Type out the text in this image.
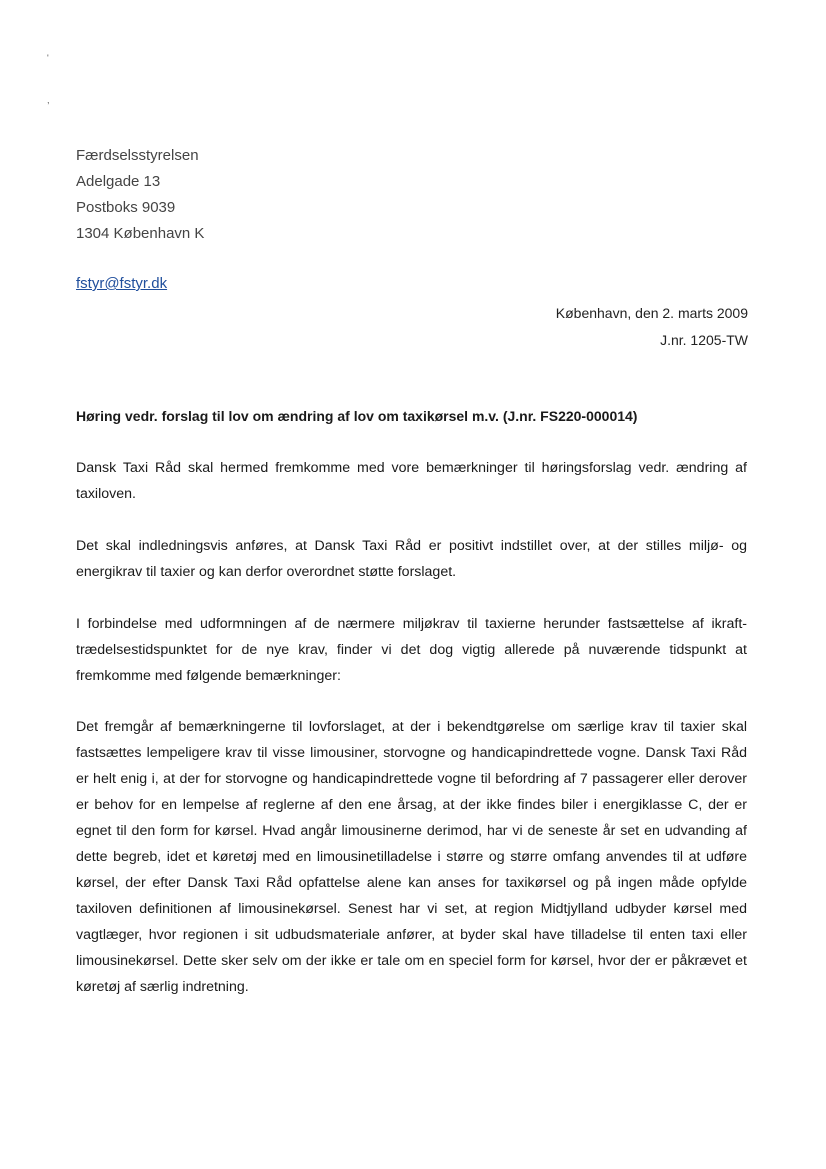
'
,
Færdselsstyrelsen
Adelgade 13
Postboks 9039
1304 København K
fstyr@fstyr.dk
København, den 2. marts 2009
J.nr. 1205-TW
Høring vedr. forslag til lov om ændring af lov om taxikørsel m.v. (J.nr. FS220-000014)

Dansk Taxi Råd skal hermed fremkomme med vore bemærkninger til høringsforslag vedr. ændring af taxiloven.

Det skal indledningsvis anføres, at Dansk Taxi Råd er positivt indstillet over, at der stilles miljø- og energikrav til taxier og kan derfor overordnet støtte forslaget.

I forbindelse med udformningen af de nærmere miljøkrav til taxierne herunder fastsættelse af ikrafttrædelsestidspunktet for de nye krav, finder vi det dog vigtig allerede på nuværende tidspunkt at fremkomme med følgende bemærkninger:

Det fremgår af bemærkningerne til lovforslaget, at der i bekendtgørelse om særlige krav til taxier skal fastsættes lempeligere krav til visse limousiner, storvogne og handicapindrettede vogne. Dansk Taxi Råd er helt enig i, at der for storvogne og handicapindrettede vogne til befordring af 7 passagerer eller derover er behov for en lempelse af reglerne af den ene årsag, at der ikke findes biler i energiklasse C, der er egnet til den form for kørsel. Hvad angår limousinerne derimod, har vi de seneste år set en udvanding af dette begreb, idet et køretøj med en limousinetilladelse i større og større omfang anvendes til at udføre kørsel, der efter Dansk Taxi Råd opfattelse alene kan anses for taxikørsel og på ingen måde opfylde taxiloven definitionen af limousinekørsel. Senest har vi set, at region Midtjylland udbyder kørsel med vagtlæger, hvor regionen i sit udbudsmateriale anfører, at byder skal have tilladelse til enten taxi eller limousinekørsel. Dette sker selv om der ikke er tale om en speciel form for kørsel, hvor der er påkrævet et køretøj af særlig indretning.
